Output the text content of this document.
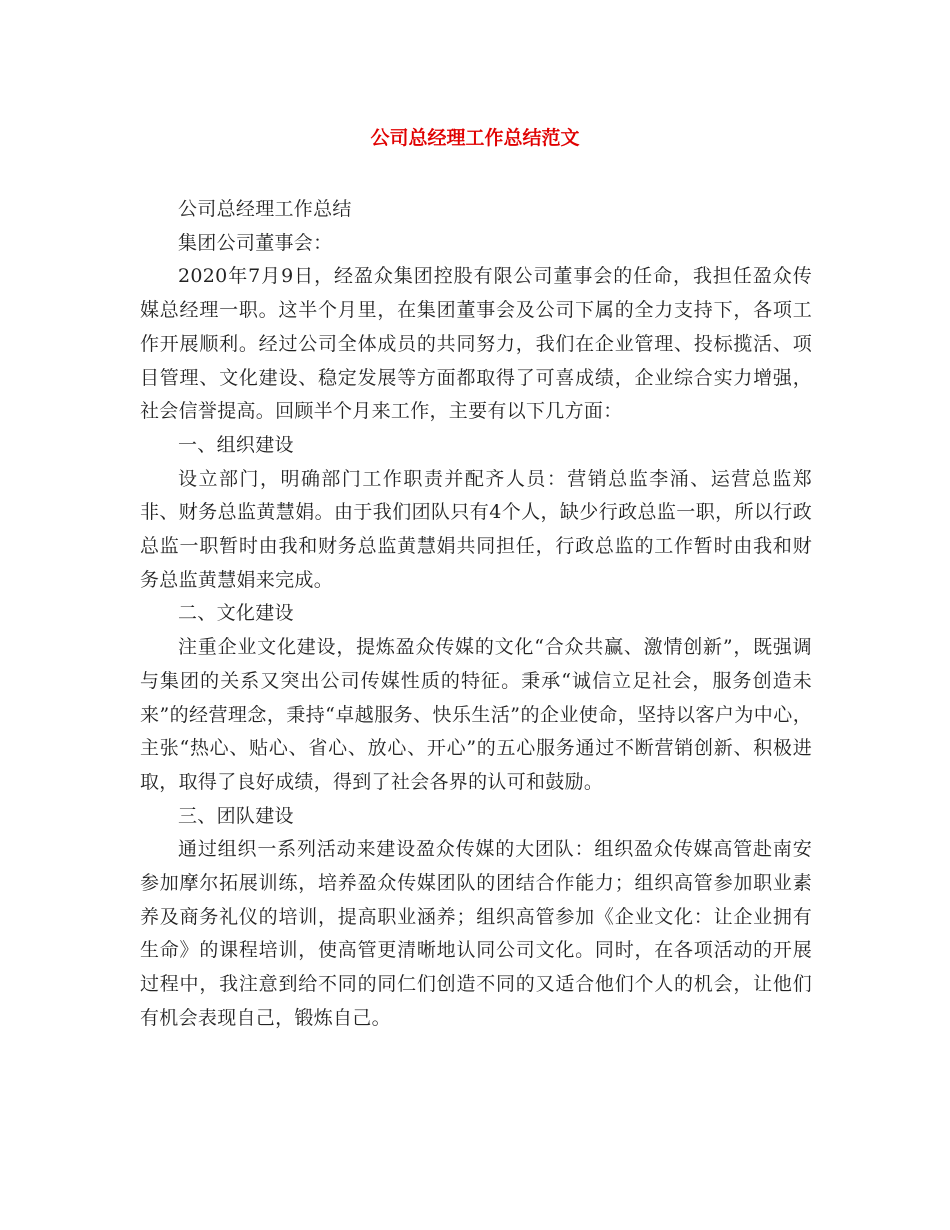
公司总经理工作总结范文

公司总经理工作总结

集团公司董事会：

2020年7月9日，经盈众集团控股有限公司董事会的任命，我担任盈众传媒总经理一职。这半个月里，在集团董事会及公司下属的全力支持下，各项工作开展顺利。经过公司全体成员的共同努力，我们在企业管理、投标揽活、项目管理、文化建设、稳定发展等方面都取得了可喜成绩，企业综合实力增强，社会信誉提高。回顾半个月来工作，主要有以下几方面：

一、组织建设

设立部门，明确部门工作职责并配齐人员：营销总监李涌、运营总监郑非、财务总监黄慧娟。由于我们团队只有4个人，缺少行政总监一职，所以行政总监一职暂时由我和财务总监黄慧娟共同担任，行政总监的工作暂时由我和财务总监黄慧娟来完成。

二、文化建设

注重企业文化建设，提炼盈众传媒的文化“合众共赢、激情创新”，既强调与集团的关系又突出公司传媒性质的特征。秉承“诚信立足社会，服务创造未来”的经营理念，秉持“卓越服务、快乐生活”的企业使命，坚持以客户为中心，主张“热心、贴心、省心、放心、开心”的五心服务通过不断营销创新、积极进取，取得了良好成绩，得到了社会各界的认可和鼓励。

三、团队建设

通过组织一系列活动来建设盈众传媒的大团队：组织盈众传媒高管赴南安参加摩尔拓展训练，培养盈众传媒团队的团结合作能力；组织高管参加职业素养及商务礼仪的培训，提高职业涵养；组织高管参加《企业文化：让企业拥有生命》的课程培训，使高管更清晰地认同公司文化。同时，在各项活动的开展过程中，我注意到给不同的同仁们创造不同的又适合他们个人的机会，让他们有机会表现自己，锻炼自己。
